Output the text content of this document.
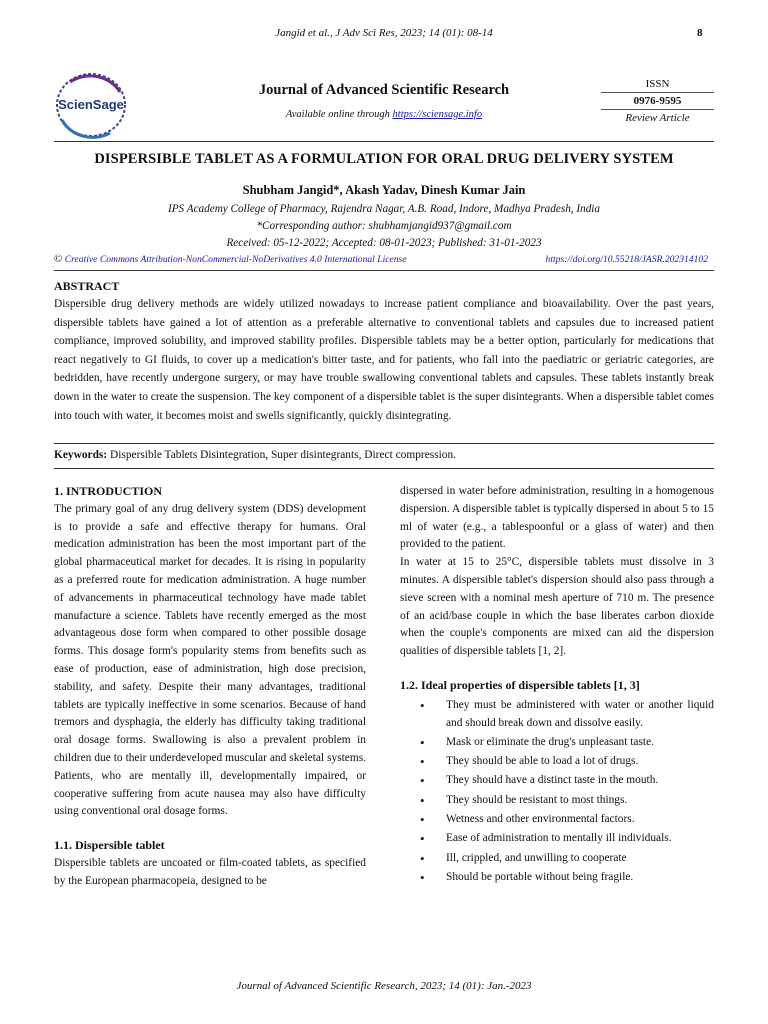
Jangid et al., J Adv Sci Res, 2023; 14 (01): 08-14	8
ScienSage
Journal of Advanced Scientific Research
Available online through https://sciensage.info
ISSN
0976-9595
Review Article
DISPERSIBLE TABLET AS A FORMULATION FOR ORAL DRUG DELIVERY SYSTEM
Shubham Jangid*, Akash Yadav, Dinesh Kumar Jain
IPS Academy College of Pharmacy, Rajendra Nagar, A.B. Road, Indore, Madhya Pradesh, India
*Corresponding author: shubhamjangid937@gmail.com
Received: 05-12-2022; Accepted: 08-01-2023; Published: 31-01-2023
© Creative Commons Attribution-NonCommercial-NoDerivatives 4.0 International License	https://doi.org/10.55218/JASR.202314102
ABSTRACT
Dispersible drug delivery methods are widely utilized nowadays to increase patient compliance and bioavailability. Over the past years, dispersible tablets have gained a lot of attention as a preferable alternative to conventional tablets and capsules due to increased patient compliance, improved solubility, and improved stability profiles. Dispersible tablets may be a better option, particularly for medications that react negatively to GI fluids, to cover up a medication's bitter taste, and for patients, who fall into the paediatric or geriatric categories, are bedridden, have recently undergone surgery, or may have trouble swallowing conventional tablets and capsules. These tablets instantly break down in the water to create the suspension. The key component of a dispersible tablet is the super disintegrants. When a dispersible tablet comes into touch with water, it becomes moist and swells significantly, quickly disintegrating.
Keywords: Dispersible Tablets Disintegration, Super disintegrants, Direct compression.
1. INTRODUCTION
The primary goal of any drug delivery system (DDS) development is to provide a safe and effective therapy for humans. Oral medication administration has been the most important part of the global pharmaceutical market for decades. It is rising in popularity as a preferred route for medication administration. A huge number of advancements in pharmaceutical technology have made tablet manufacture a science. Tablets have recently emerged as the most advantageous dose form when compared to other possible dosage forms. This dosage form's popularity stems from benefits such as ease of production, ease of administration, high dose precision, stability, and safety. Despite their many advantages, traditional tablets are typically ineffective in some scenarios. Because of hand tremors and dysphagia, the elderly has difficulty taking traditional oral dosage forms. Swallowing is also a prevalent problem in children due to their underdeveloped muscular and skeletal systems. Patients, who are mentally ill, developmentally impaired, or cooperative suffering from acute nausea may also have difficulty using conventional oral dosage forms.
1.1. Dispersible tablet
Dispersible tablets are uncoated or film-coated tablets, as specified by the European pharmacopeia, designed to be
dispersed in water before administration, resulting in a homogenous dispersion. A dispersible tablet is typically dispersed in about 5 to 15 ml of water (e.g., a tablespoonful or a glass of water) and then provided to the patient.
In water at 15 to 25°C, dispersible tablets must dissolve in 3 minutes. A dispersible tablet's dispersion should also pass through a sieve screen with a nominal mesh aperture of 710 m. The presence of an acid/base couple in which the base liberates carbon dioxide when the couple's components are mixed can aid the dispersion qualities of dispersible tablets [1, 2].
1.2. Ideal properties of dispersible tablets [1, 3]
• They must be administered with water or another liquid and should break down and dissolve easily.
• Mask or eliminate the drug's unpleasant taste.
• They should be able to load a lot of drugs.
• They should have a distinct taste in the mouth.
• They should be resistant to most things.
• Wetness and other environmental factors.
• Ease of administration to mentally ill individuals.
• Ill, crippled, and unwilling to cooperate
• Should be portable without being fragile.
Journal of Advanced Scientific Research, 2023; 14 (01): Jan.-2023
